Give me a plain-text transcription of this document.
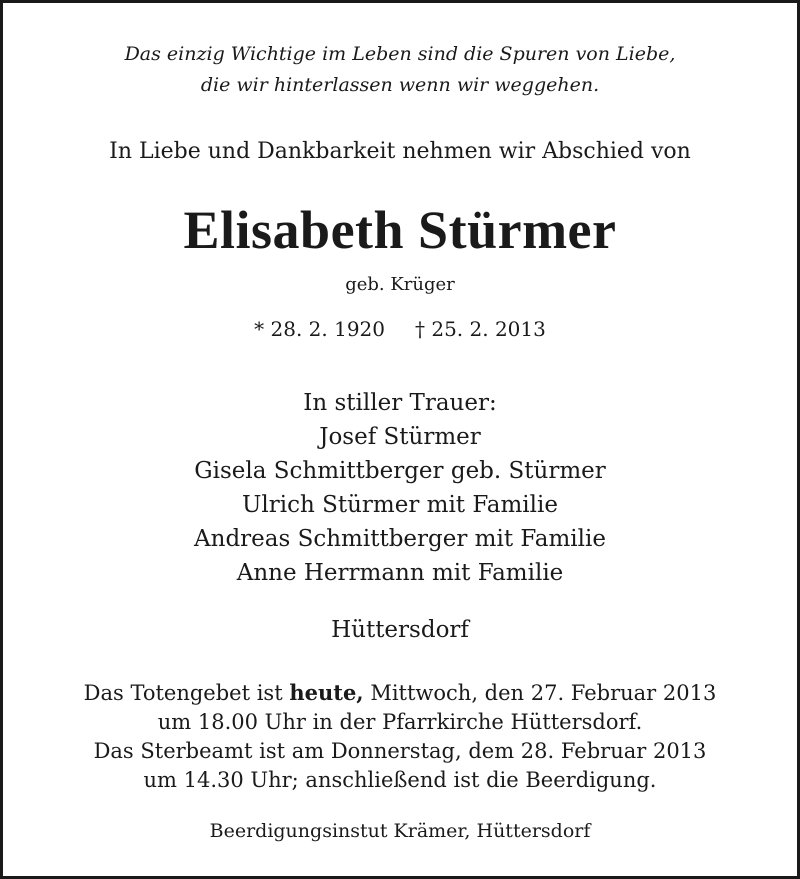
Das einzig Wichtige im Leben sind die Spuren von Liebe,
die wir hinterlassen wenn wir weggehen.
In Liebe und Dankbarkeit nehmen wir Abschied von
Elisabeth Stürmer
geb. Krüger
* 28. 2. 1920 † 25. 2. 2013
In stiller Trauer:
Josef Stürmer
Gisela Schmittberger geb. Stürmer
Ulrich Stürmer mit Familie
Andreas Schmittberger mit Familie
Anne Herrmann mit Familie
Hüttersdorf
Das Totengebet ist heute, Mittwoch, den 27. Februar 2013
um 18.00 Uhr in der Pfarrkirche Hüttersdorf.
Das Sterbeamt ist am Donnerstag, dem 28. Februar 2013
um 14.30 Uhr; anschließend ist die Beerdigung.
Beerdigungsinstut Krämer, Hüttersdorf
